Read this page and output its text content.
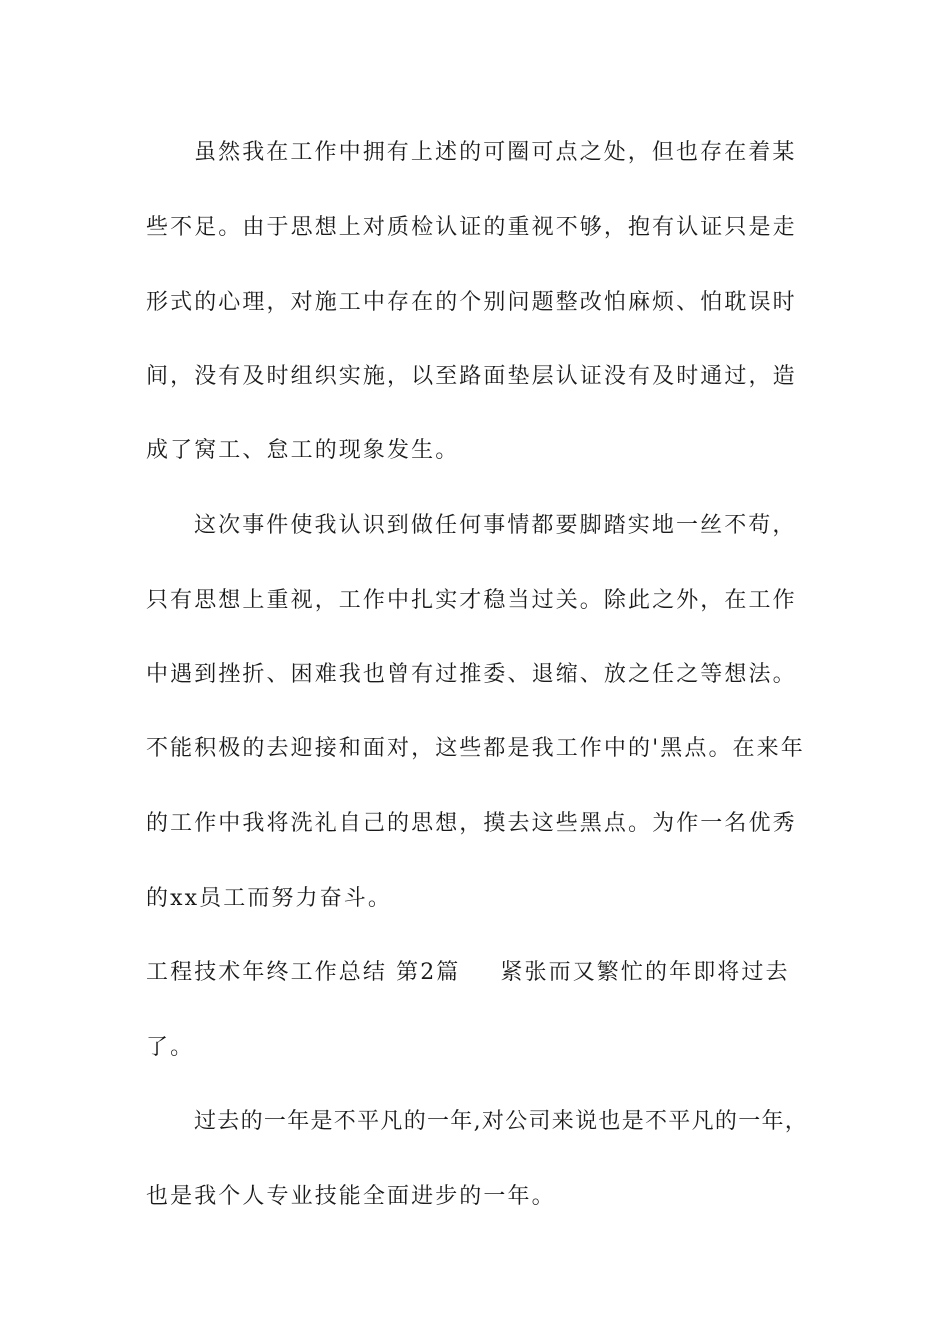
虽然我在工作中拥有上述的可圈可点之处，但也存在着某
些不足。由于思想上对质检认证的重视不够，抱有认证只是走
形式的心理，对施工中存在的个别问题整改怕麻烦、怕耽误时
间，没有及时组织实施，以至路面垫层认证没有及时通过，造
成了窝工、怠工的现象发生。
这次事件使我认识到做任何事情都要脚踏实地一丝不苟，
只有思想上重视，工作中扎实才稳当过关。除此之外，在工作
中遇到挫折、困难我也曾有过推委、退缩、放之任之等想法。
不能积极的去迎接和面对，这些都是我工作中的'黑点。在来年
的工作中我将洗礼自己的思想，摸去这些黑点。为作一名优秀
的xx员工而努力奋斗。
工程技术年终工作总结 第2篇 紧张而又繁忙的年即将过去
了。
过去的一年是不平凡的一年,对公司来说也是不平凡的一年，
也是我个人专业技能全面进步的一年。
